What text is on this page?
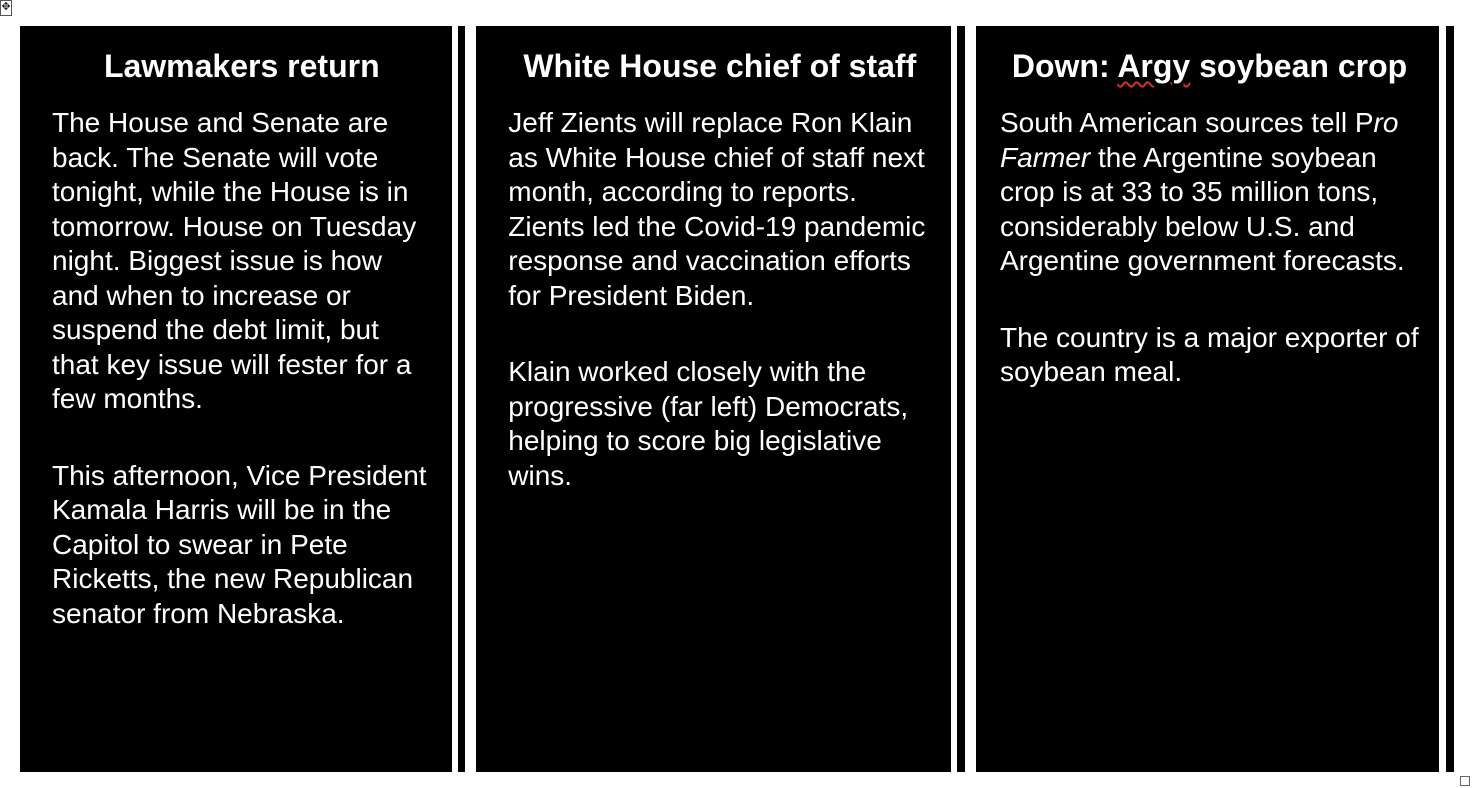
✥
Lawmakers return

The House and Senate are back. The Senate will vote tonight, while the House is in tomorrow. House on Tuesday night. Biggest issue is how and when to increase or suspend the debt limit, but that key issue will fester for a few months.

This afternoon, Vice President Kamala Harris will be in the Capitol to swear in Pete Ricketts, the new Republican senator from Nebraska.

White House chief of staff

Jeff Zients will replace Ron Klain as White House chief of staff next month, according to reports. Zients led the Covid-19 pandemic response and vaccination efforts for President Biden.

Klain worked closely with the progressive (far left) Democrats, helping to score big legislative wins.

Down: Argy soybean crop

South American sources tell Pro Farmer the Argentine soybean crop is at 33 to 35 million tons, considerably below U.S. and Argentine government forecasts.

The country is a major exporter of soybean meal.
